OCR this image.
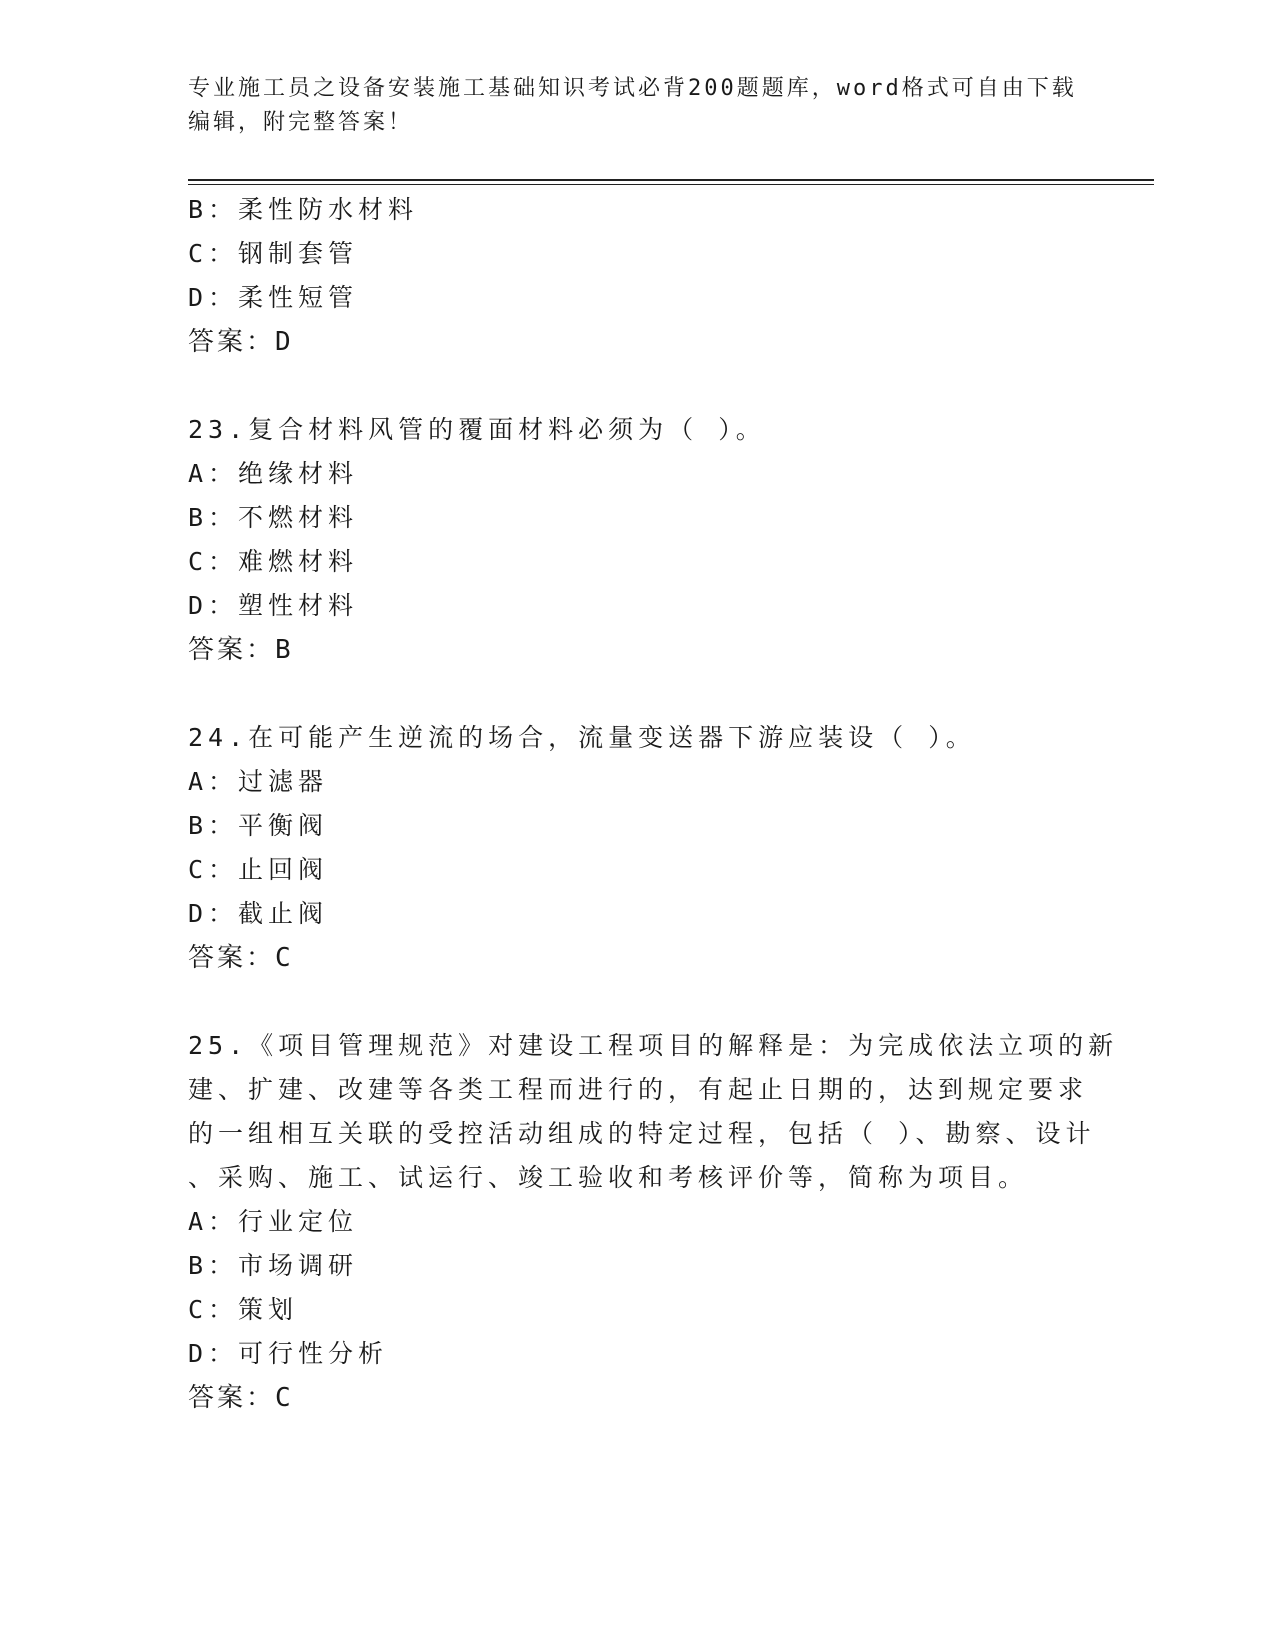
专业施工员之设备安装施工基础知识考试必背200题题库，word格式可自由下载
编辑，附完整答案！
B：柔性防水材料
C：钢制套管
D：柔性短管
答案：D
23.复合材料风管的覆面材料必须为（ ）。
A：绝缘材料
B：不燃材料
C：难燃材料
D：塑性材料
答案：B
24.在可能产生逆流的场合，流量变送器下游应装设（ ）。
A：过滤器
B：平衡阀
C：止回阀
D：截止阀
答案：C
25.《项目管理规范》对建设工程项目的解释是：为完成依法立项的新
建、扩建、改建等各类工程而进行的，有起止日期的，达到规定要求
的一组相互关联的受控活动组成的特定过程，包括（ ）、勘察、设计
、采购、施工、试运行、竣工验收和考核评价等，简称为项目。
A：行业定位
B：市场调研
C：策划
D：可行性分析
答案：C
